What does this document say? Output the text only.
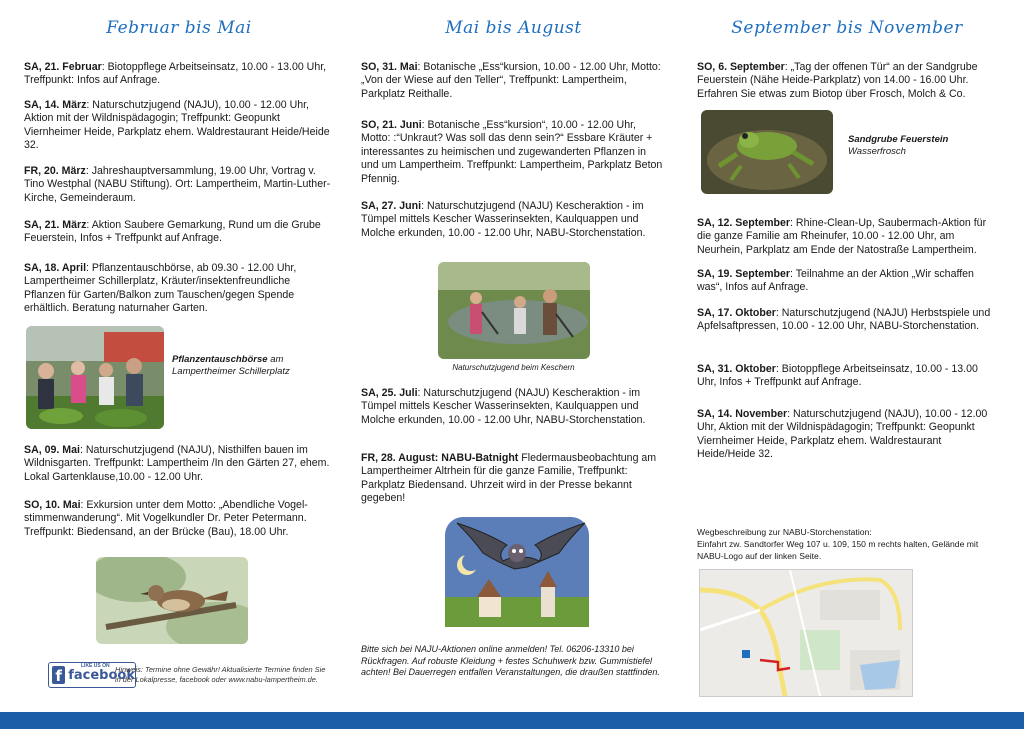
Februar bis Mai
SA, 21. Februar: Biotoppflege Arbeitseinsatz, 10.00 - 13.00 Uhr, Treffpunkt: Infos auf Anfrage.
SA, 14. März: Naturschutzjugend (NAJU), 10.00 - 12.00 Uhr, Aktion mit der Wildnispädagogin; Treffpunkt: Geopunkt Viernheimer Heide, Parkplatz ehem. Waldrestaurant Heide/Heide 32.
FR, 20. März: Jahreshauptversammlung, 19.00 Uhr, Vortrag v. Tino Westphal (NABU Stiftung). Ort: Lampertheim, Martin-Luther-Kirche, Gemeinderaum.
SA, 21. März: Aktion Saubere Gemarkung, Rund um die Grube Feuerstein, Infos + Treffpunkt auf Anfrage.
SA, 18. April: Pflanzentauschbörse, ab 09.30 - 12.00 Uhr, Lampertheimer Schillerplatz, Kräuter/insektenfreundliche Pflanzen für Garten/Balkon zum Tauschen/gegen Spende erhältlich. Beratung naturnaher Garten.
Pflanzentauschbörse am Lampertheimer Schillerplatz
SA, 09. Mai: Naturschutzjugend (NAJU), Nisthilfen bauen im Wildnisgarten. Treffpunkt: Lampertheim /In den Gärten 27, ehem. Lokal Gartenklause,10.00 - 12.00 Uhr.
SO, 10. Mai: Exkursion unter dem Motto: „Abendliche Vogel-stimmenwanderung“. Mit Vogelkundler Dr. Peter Petermann. Treffpunkt: Biedensand, an der Brücke (Bau), 18.00 Uhr.
LIKE US ON
f facebook
Hinweis: Termine ohne Gewähr! Aktualisierte Termine finden Sie in der Lokalpresse, facebook oder www.nabu-lampertheim.de.
Mai bis August
SO, 31. Mai: Botanische „Ess“kursion, 10.00 - 12.00 Uhr, Motto: „Von der Wiese auf den Teller“, Treffpunkt: Lampertheim, Parkplatz Reithalle.
SO, 21. Juni: Botanische „Ess“kursion“, 10.00 - 12.00 Uhr, Motto: :“Unkraut? Was soll das denn sein?“ Essbare Kräuter + interessantes zu heimischen und zugewanderten Pflanzen in und um Lampertheim. Treffpunkt: Lampertheim, Parkplatz Beton Pfennig.
SA, 27. Juni: Naturschutzjugend (NAJU) Kescheraktion - im Tümpel mittels Kescher Wasserinsekten, Kaulquappen und Molche erkunden, 10.00 - 12.00 Uhr, NABU-Storchenstation.
Naturschutzjugend beim Keschern
SA, 25. Juli: Naturschutzjugend (NAJU) Kescheraktion - im Tümpel mittels Kescher Wasserinsekten, Kaulquappen und Molche erkunden, 10.00 - 12.00 Uhr, NABU-Storchenstation.
FR, 28. August: NABU-Batnight Fledermausbeobachtung am Lampertheimer Altrhein für die ganze Familie, Treffpunkt: Parkplatz Biedensand. Uhrzeit wird in der Presse bekannt gegeben!
Bitte sich bei NAJU-Aktionen online anmelden! Tel. 06206-13310 bei Rückfragen. Auf robuste Kleidung + festes Schuhwerk bzw. Gummistiefel achten! Bei Dauerregen entfallen Veranstaltungen, die draußen stattfinden.
September bis November
SO, 6. September: „Tag der offenen Tür“ an der Sandgrube Feuerstein (Nähe Heide-Parkplatz) von 14.00 - 16.00 Uhr. Erfahren Sie etwas zum Biotop über Frosch, Molch & Co.
Sandgrube Feuerstein
Wasserfrosch
SA, 12. September: Rhine-Clean-Up, Saubermach-Aktion für die ganze Familie am Rheinufer, 10.00 - 12.00 Uhr, am Neurhein, Parkplatz am Ende der Natostraße Lampertheim.
SA, 19. September: Teilnahme an der Aktion „Wir schaffen was“, Infos auf Anfrage.
SA, 17. Oktober: Naturschutzjugend (NAJU) Herbstspiele und Apfelsaftpressen, 10.00 - 12.00 Uhr, NABU-Storchenstation.
SA, 31. Oktober: Biotoppflege Arbeitseinsatz, 10.00 - 13.00 Uhr, Infos + Treffpunkt auf Anfrage.
SA, 14. November: Naturschutzjugend (NAJU), 10.00 - 12.00 Uhr, Aktion mit der Wildnispädagogin; Treffpunkt: Geopunkt Viernheimer Heide, Parkplatz ehem. Waldrestaurant Heide/Heide 32.
Wegbeschreibung zur NABU-Storchenstation:
Einfahrt zw. Sandtorfer Weg 107 u. 109, 150 m rechts halten, Gelände mit NABU-Logo auf der linken Seite.
